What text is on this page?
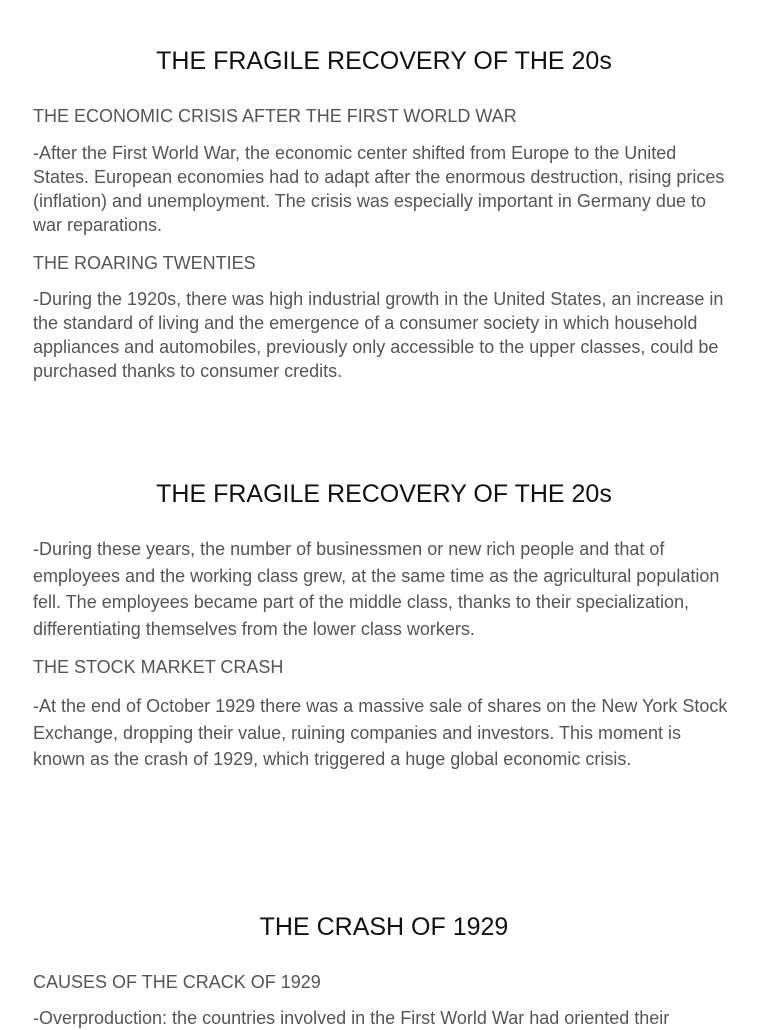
THE FRAGILE RECOVERY OF THE 20s
THE ECONOMIC CRISIS AFTER THE FIRST WORLD WAR

-After the First World War, the economic center shifted from Europe to the United States. European economies had to adapt after the enormous destruction, rising prices (inflation) and unemployment. The crisis was especially important in Germany due to war reparations.

THE ROARING TWENTIES

-During the 1920s, there was high industrial growth in the United States, an increase in the standard of living and the emergence of a consumer society in which household appliances and automobiles, previously only accessible to the upper classes, could be purchased thanks to consumer credits.

THE FRAGILE RECOVERY OF THE 20s

-During these years, the number of businessmen or new rich people and that of employees and the working class grew, at the same time as the agricultural population fell. The employees became part of the middle class, thanks to their specialization, differentiating themselves from the lower class workers.

THE STOCK MARKET CRASH

-At the end of October 1929 there was a massive sale of shares on the New York Stock Exchange, dropping their value, ruining companies and investors. This moment is known as the crash of 1929, which triggered a huge global economic crisis.

THE CRASH OF 1929
CAUSES OF THE CRACK OF 1929

-Overproduction: the countries involved in the First World War had oriented their
